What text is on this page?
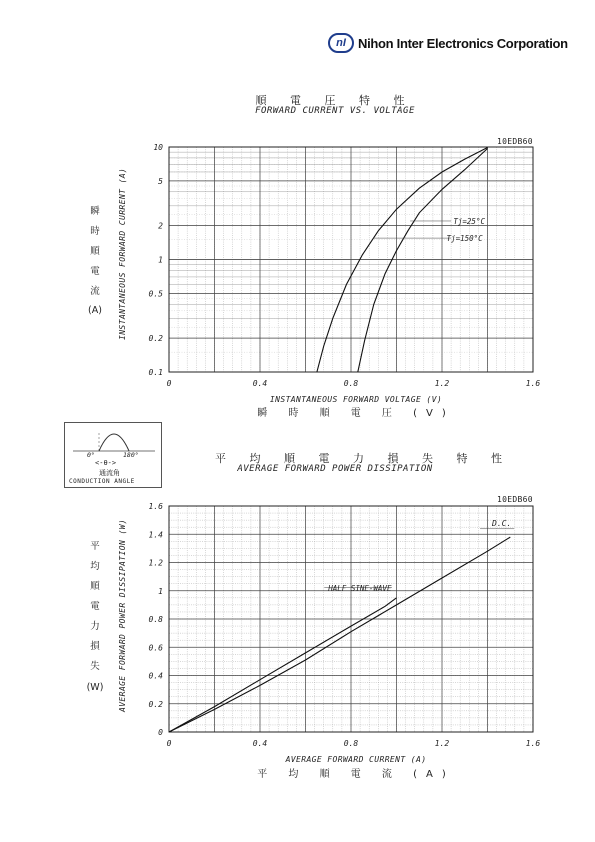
nI Nihon Inter Electronics Corporation
順 電 圧 特 性
FORWARD CURRENT VS. VOLTAGE
10EDB60
瞬
時
順
電
流
(A)	INSTANTANEOUS FORWARD CURRENT (A)
0	0.4	0.8	1.2	1.6
0.1
0.2
0.5
1
2
5
10
Tj=25°C
Tj=150°C
INSTANTANEOUS FORWARD VOLTAGE (V)
瞬 時 順 電 圧 (V)
0°	180°
<-θ->
通流角
CONDUCTION ANGLE
平 均 順 電 力 損 失 特 性
AVERAGE FORWARD POWER DISSIPATION
10EDB60
平
均
順
電
力
損
失
(W)	AVERAGE FORWARD POWER DISSIPATION (W)
0	0.4	0.8	1.2	1.6
0
0.2
0.4
0.6
0.8
1
1.2
1.4
1.6
D.C.
HALF SINE-WAVE
AVERAGE FORWARD CURRENT (A)
平 均 順 電 流 (A)
